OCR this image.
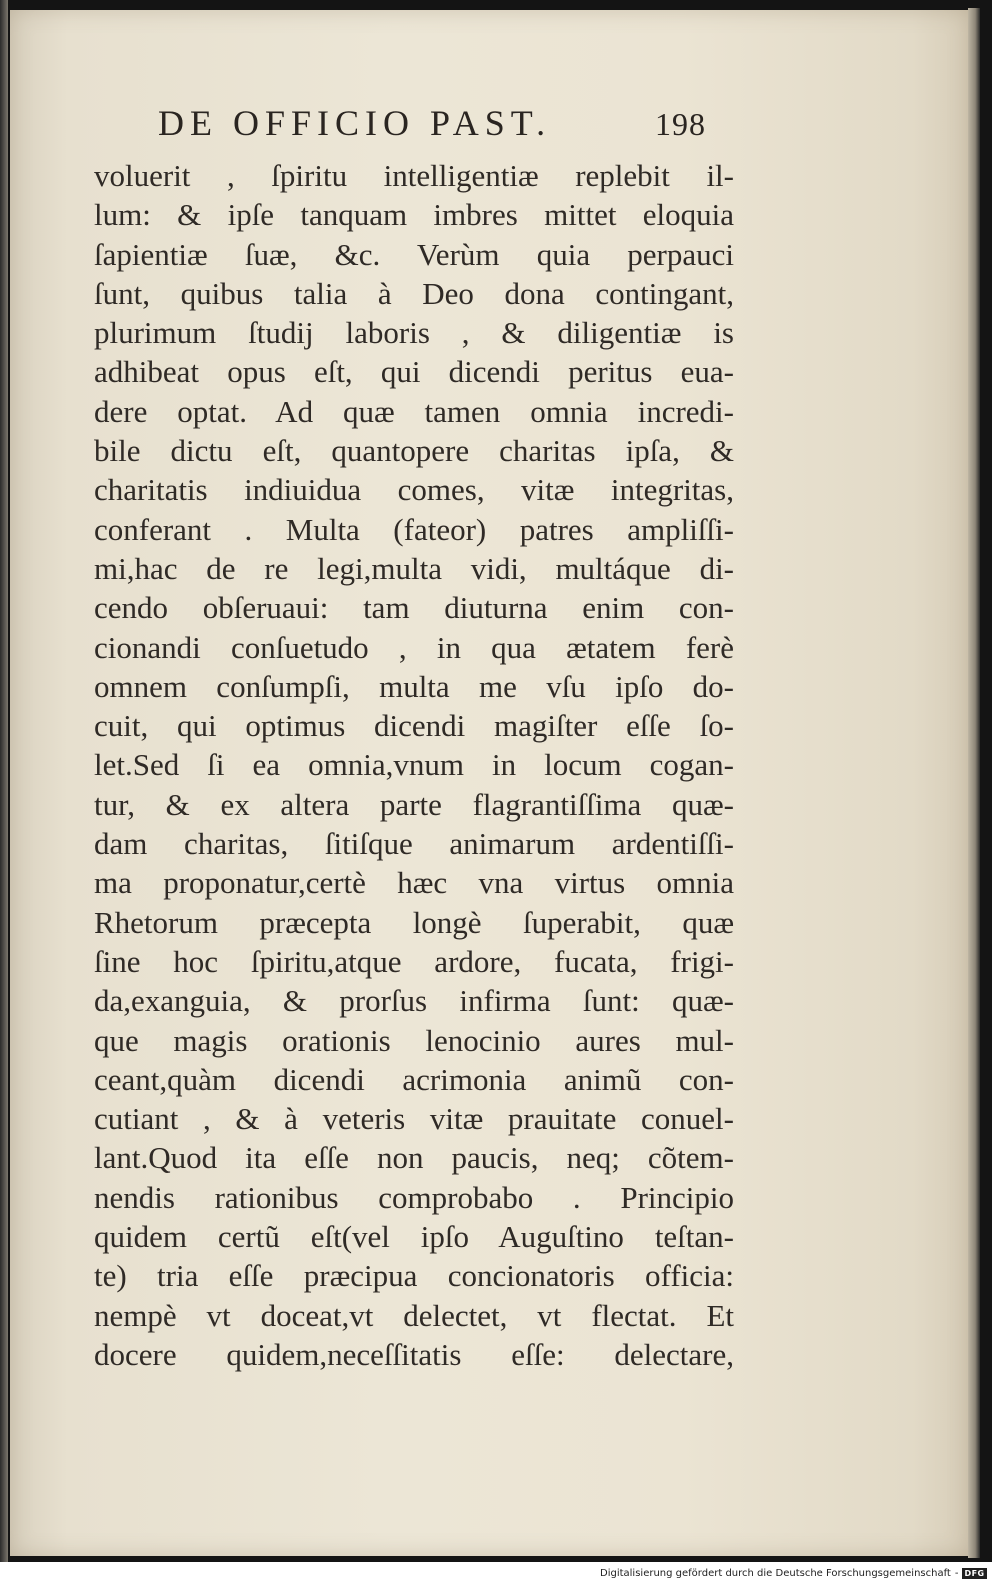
DE OFFICIO PAST.	198
voluerit , ſpiritu intelligentiæ replebit il-
lum: & ipſe tanquam imbres mittet eloquia
ſapientiæ ſuæ, &c. Verùm quia perpauci
ſunt, quibus talia à Deo dona contingant,
plurimum ſtudij laboris , & diligentiæ is
adhibeat opus eſt, qui dicendi peritus eua-
dere optat. Ad quæ tamen omnia incredi-
bile dictu eſt, quantopere charitas ipſa, &
charitatis indiuidua comes, vitæ integritas,
conferant . Multa (fateor) patres ampliſſi-
mi,hac de re legi,multa vidi, multáque di-
cendo obſeruaui: tam diuturna enim con-
cionandi conſuetudo , in qua ætatem ferè
omnem conſumpſi, multa me vſu ipſo do-
cuit, qui optimus dicendi magiſter eſſe ſo-
let.Sed ſi ea omnia,vnum in locum cogan-
tur, & ex altera parte flagrantiſſima quæ-
dam charitas, ſitiſque animarum ardentiſſi-
ma proponatur,certè hæc vna virtus omnia
Rhetorum præcepta longè ſuperabit, quæ
ſine hoc ſpiritu,atque ardore, fucata, frigi-
da,exanguia, & prorſus infirma ſunt: quæ-
que magis orationis lenocinio aures mul-
ceant,quàm dicendi acrimonia animũ con-
cutiant , & à veteris vitæ prauitate conuel-
lant.Quod ita eſſe non paucis, neq; cõtem-
nendis rationibus comprobabo . Principio
quidem certũ eſt(vel ipſo Auguſtino teſtan-
te) tria eſſe præcipua concionatoris officia:
nempè vt doceat,vt delectet, vt flectat. Et
docere quidem,neceſſitatis eſſe: delectare,
Digitalisierung gefördert durch die Deutsche Forschungsgemeinschaft - DFG
